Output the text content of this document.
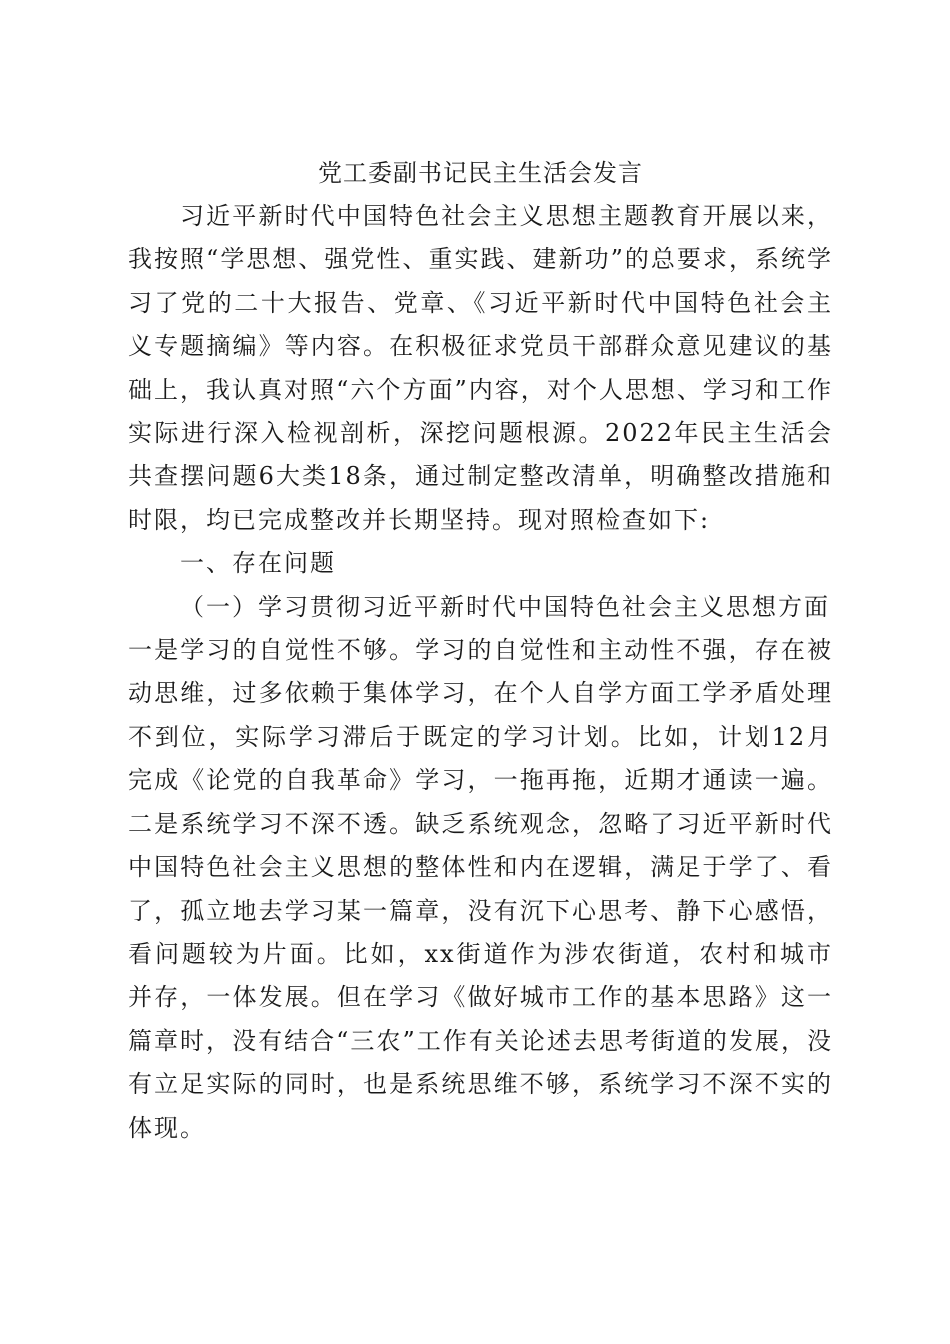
党工委副书记民主生活会发言

习近平新时代中国特色社会主义思想主题教育开展以来，我按照“学思想、强党性、重实践、建新功”的总要求，系统学习了党的二十大报告、党章、《习近平新时代中国特色社会主义专题摘编》等内容。在积极征求党员干部群众意见建议的基础上，我认真对照“六个方面”内容，对个人思想、学习和工作实际进行深入检视剖析，深挖问题根源。2022年民主生活会共查摆问题6大类18条，通过制定整改清单，明确整改措施和时限，均已完成整改并长期坚持。现对照检查如下:

一、存在问题

（一）学习贯彻习近平新时代中国特色社会主义思想方面

一是学习的自觉性不够。学习的自觉性和主动性不强，存在被动思维，过多依赖于集体学习，在个人自学方面工学矛盾处理不到位，实际学习滞后于既定的学习计划。比如，计划12月完成《论党的自我革命》学习，一拖再拖，近期才通读一遍。二是系统学习不深不透。缺乏系统观念，忽略了习近平新时代中国特色社会主义思想的整体性和内在逻辑，满足于学了、看了，孤立地去学习某一篇章，没有沉下心思考、静下心感悟，看问题较为片面。比如，xx街道作为涉农街道，农村和城市并存，一体发展。但在学习《做好城市工作的基本思路》这一篇章时，没有结合“三农”工作有关论述去思考街道的发展，没有立足实际的同时，也是系统思维不够，系统学习不深不实的体现。
